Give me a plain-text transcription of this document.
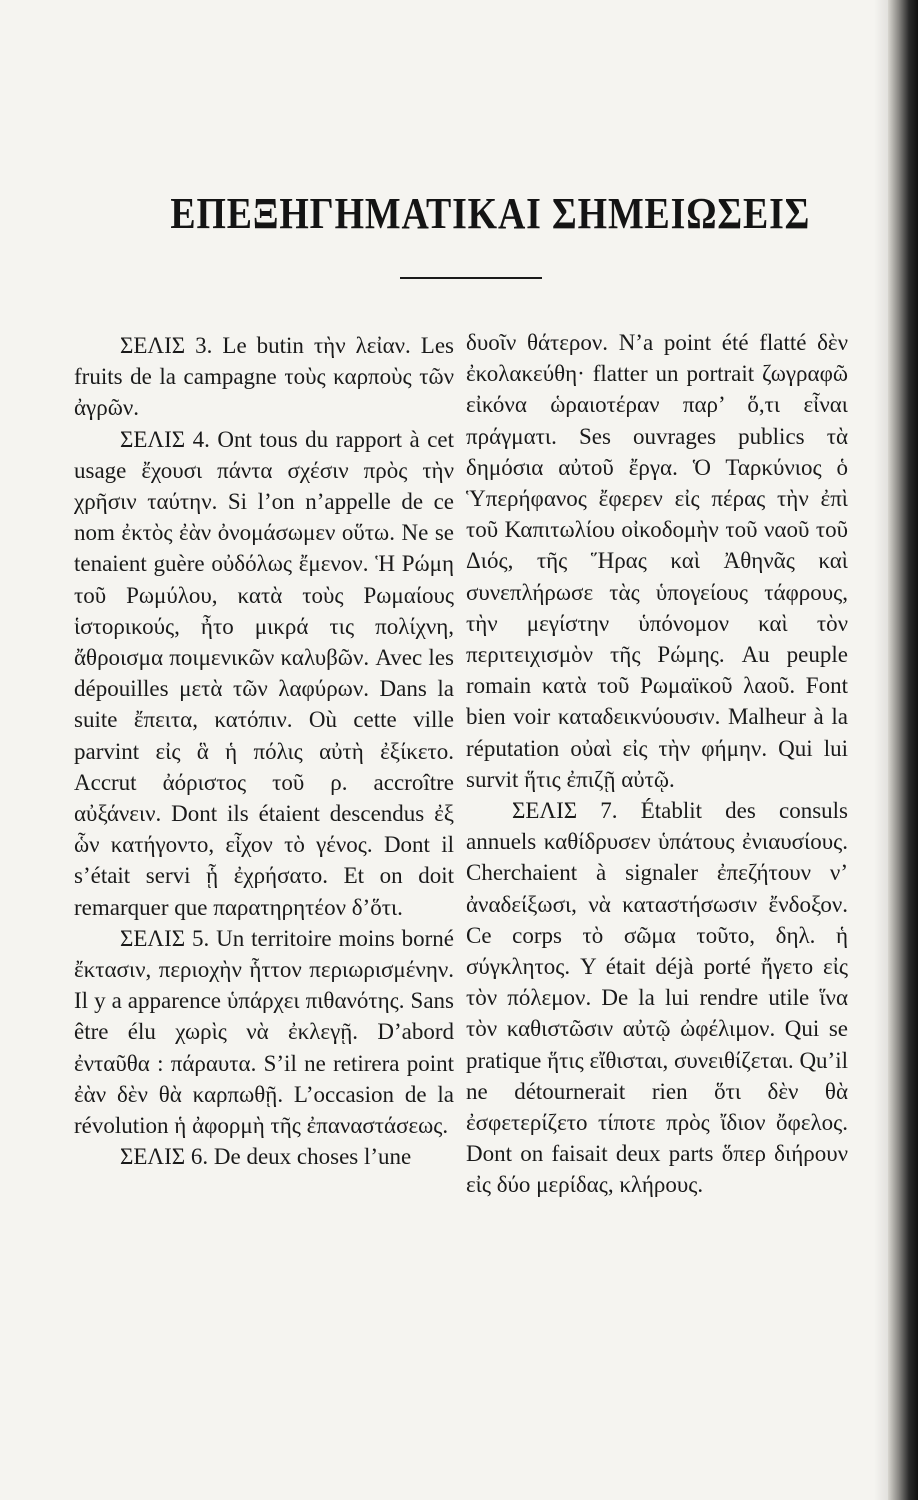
ΕΠΕΞΗΓΗΜΑΤΙΚΑΙ ΣΗΜΕΙΩΣΕΙΣ

ΣΕΛΙΣ 3. Le butin τὴν λεἰαν. Les fruits de la campagne τοὺς καρποὺς τῶν ἀγρῶν.

ΣΕΛΙΣ 4. Ont tous du rapport à cet usage ἔχουσι πάντα σχέσιν πρὸς τὴν χρῆσιν ταύτην. Si l’on n’appelle de ce nom ἐκτὸς ἐὰν ὀνομάσωμεν οὕτω. Ne se tenaient guère οὐδόλως ἔμενον. Ἡ Ρώμη τοῦ Ρωμύλου, κατὰ τοὺς Ρωμαίους ἱστορικούς, ἦτο μικρά τις πολίχνη, ἄθροισμα ποιμενικῶν καλυβῶν. Avec les dépouilles μετὰ τῶν λαφύρων. Dans la suite ἔπειτα, κατόπιν. Où cette ville parvint εἰς ἃ ἡ πόλις αὐτὴ ἐξίκετο. Accrut ἀόριστος τοῦ ρ. accroître αὐξάνειν. Dont ils étaient descendus ἐξ ὧν κατήγοντο, εἶχον τὸ γένος. Dont il s’était servi ᾗ ἐχρήσατο. Et on doit remarquer que παρατηρητέον δ’ὅτι.

ΣΕΛΙΣ 5. Un territoire moins borné ἔκτασιν, περιοχὴν ἧττον περιωρισμένην. Il y a apparence ὑπάρχει πιθανότης. Sans être élu χωρὶς νὰ ἐκλεγῇ. D’abord ἐνταῦθα : πάραυτα. S’il ne retirera point ἐὰν δὲν θὰ καρπωθῇ. L’occasion de la révolution ἡ ἀφορμὴ τῆς ἐπαναστάσεως.

ΣΕΛΙΣ 6. De deux choses l’une

δυοῖν θάτερον. N’a point été flatté δὲν ἐκολακεύθη· flatter un portrait ζωγραφῶ εἰκόνα ὡραιοτέραν παρ’ ὅ,τι εἶναι πράγματι. Ses ouvrages publics τὰ δημόσια αὐτοῦ ἔργα. Ὁ Ταρκύνιος ὁ Ὑπερήφανος ἔφερεν εἰς πέρας τὴν ἐπὶ τοῦ Καπιτωλίου οἰκοδομὴν τοῦ ναοῦ τοῦ Διός, τῆς Ἥρας καὶ Ἀθηνᾶς καὶ συνεπλήρωσε τὰς ὑπογείους τάφρους, τὴν μεγίστην ὑπόνομον καὶ τὸν περιτειχισμὸν τῆς Ρώμης. Au peuple romain κατὰ τοῦ Ρωμαϊκοῦ λαοῦ. Font bien voir καταδεικνύουσιν. Malheur à la réputation οὐαὶ εἰς τὴν φήμην. Qui lui survit ἥτις ἐπιζῇ αὐτῷ.

ΣΕΛΙΣ 7. Établit des consuls annuels καθίδρυσεν ὑπάτους ἐνιαυσίους. Cherchaient à signaler ἐπεζήτουν ν’ ἀναδείξωσι, νὰ καταστήσωσιν ἔνδοξον. Ce corps τὸ σῶμα τοῦτο, δηλ. ἡ σύγκλητος. Y était déjà porté ἤγετο εἰς τὸν πόλεμον. De la lui rendre utile ἵνα τὸν καθιστῶσιν αὐτῷ ὠφέλιμον. Qui se pratique ἥτις εἴθισται, συνειθίζεται. Qu’il ne détournerait rien ὅτι δὲν θὰ ἐσφετερίζετο τίποτε πρὸς ἴδιον ὄφελος. Dont on faisait deux parts ὅπερ διήρουν εἰς δύο μερίδας, κλήρους.
